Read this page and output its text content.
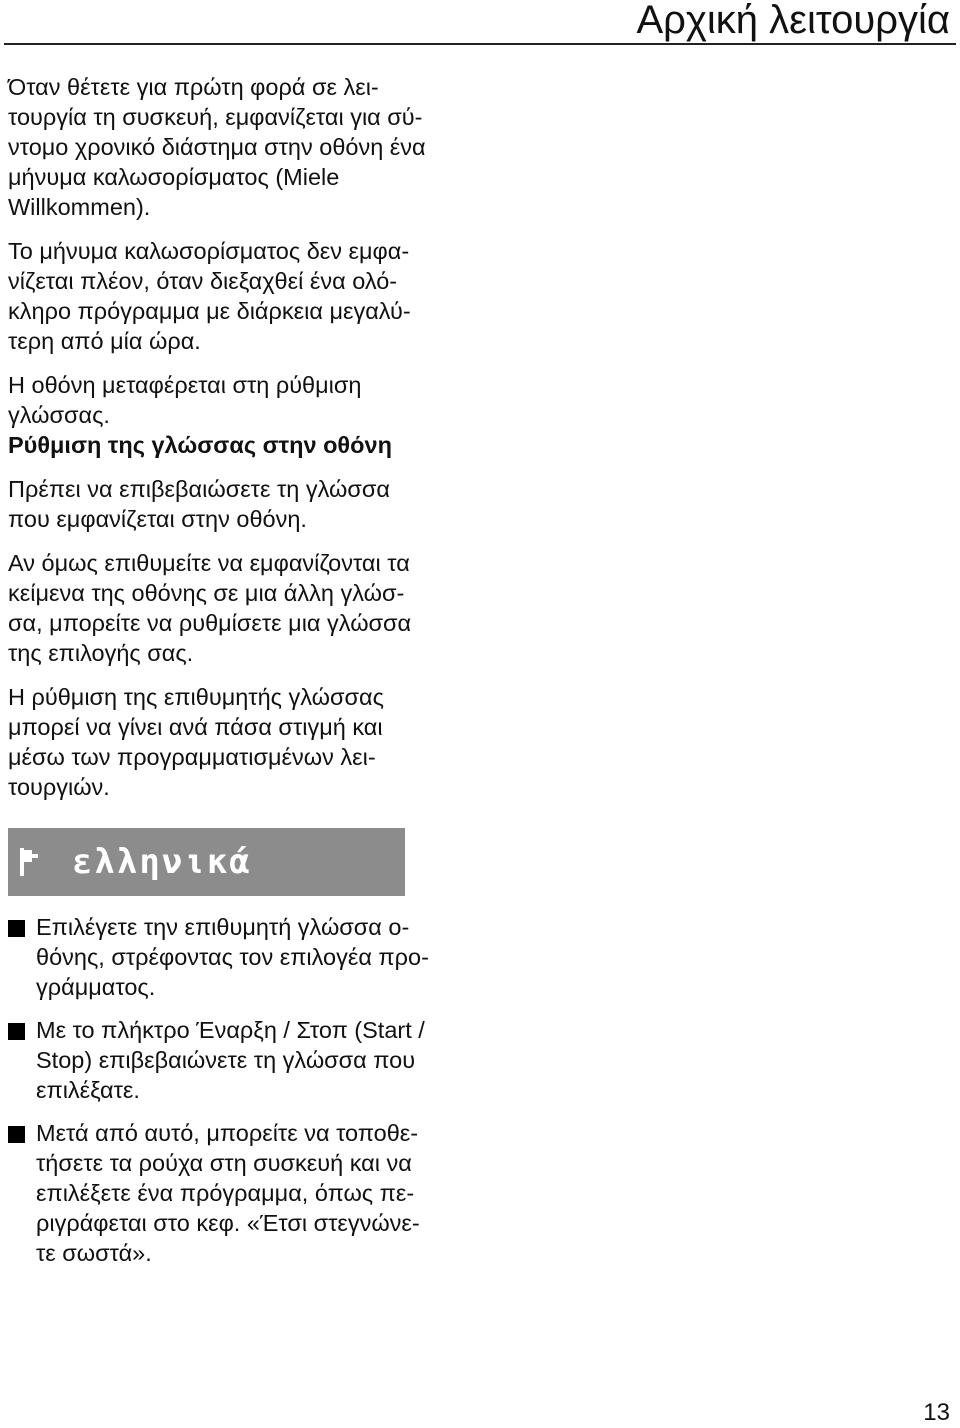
Αρχική λειτουργία

Όταν θέτετε για πρώτη φορά σε λει-
τουργία τη συσκευή, εμφανίζεται για σύ-
ντομο χρονικό διάστημα στην οθόνη ένα
μήνυμα καλωσορίσματος (Miele
Willkommen).

Το μήνυμα καλωσορίσματος δεν εμφα-
νίζεται πλέον, όταν διεξαχθεί ένα ολό-
κληρο πρόγραμμα με διάρκεια μεγαλύ-
τερη από μία ώρα.

Η οθόνη μεταφέρεται στη ρύθμιση
γλώσσας.

Ρύθμιση της γλώσσας στην οθόνη

Πρέπει να επιβεβαιώσετε τη γλώσσα
που εμφανίζεται στην οθόνη.

Αν όμως επιθυμείτε να εμφανίζονται τα
κείμενα της οθόνης σε μια άλλη γλώσ-
σα, μπορείτε να ρυθμίσετε μια γλώσσα
της επιλογής σας.

Η ρύθμιση της επιθυμητής γλώσσας
μπορεί να γίνει ανά πάσα στιγμή και
μέσω των προγραμματισμένων λει-
τουργιών.

ελληνικά
Επιλέγετε την επιθυμητή γλώσσα ο-
θόνης, στρέφοντας τον επιλογέα προ-
γράμματος.
Με το πλήκτρο Έναρξη / Στοπ (Start /
Stop) επιβεβαιώνετε τη γλώσσα που
επιλέξατε.
Μετά από αυτό, μπορείτε να τοποθε-
τήσετε τα ρούχα στη συσκευή και να
επιλέξετε ένα πρόγραμμα, όπως πε-
ριγράφεται στο κεφ. «Έτσι στεγνώνε-
τε σωστά».
13
